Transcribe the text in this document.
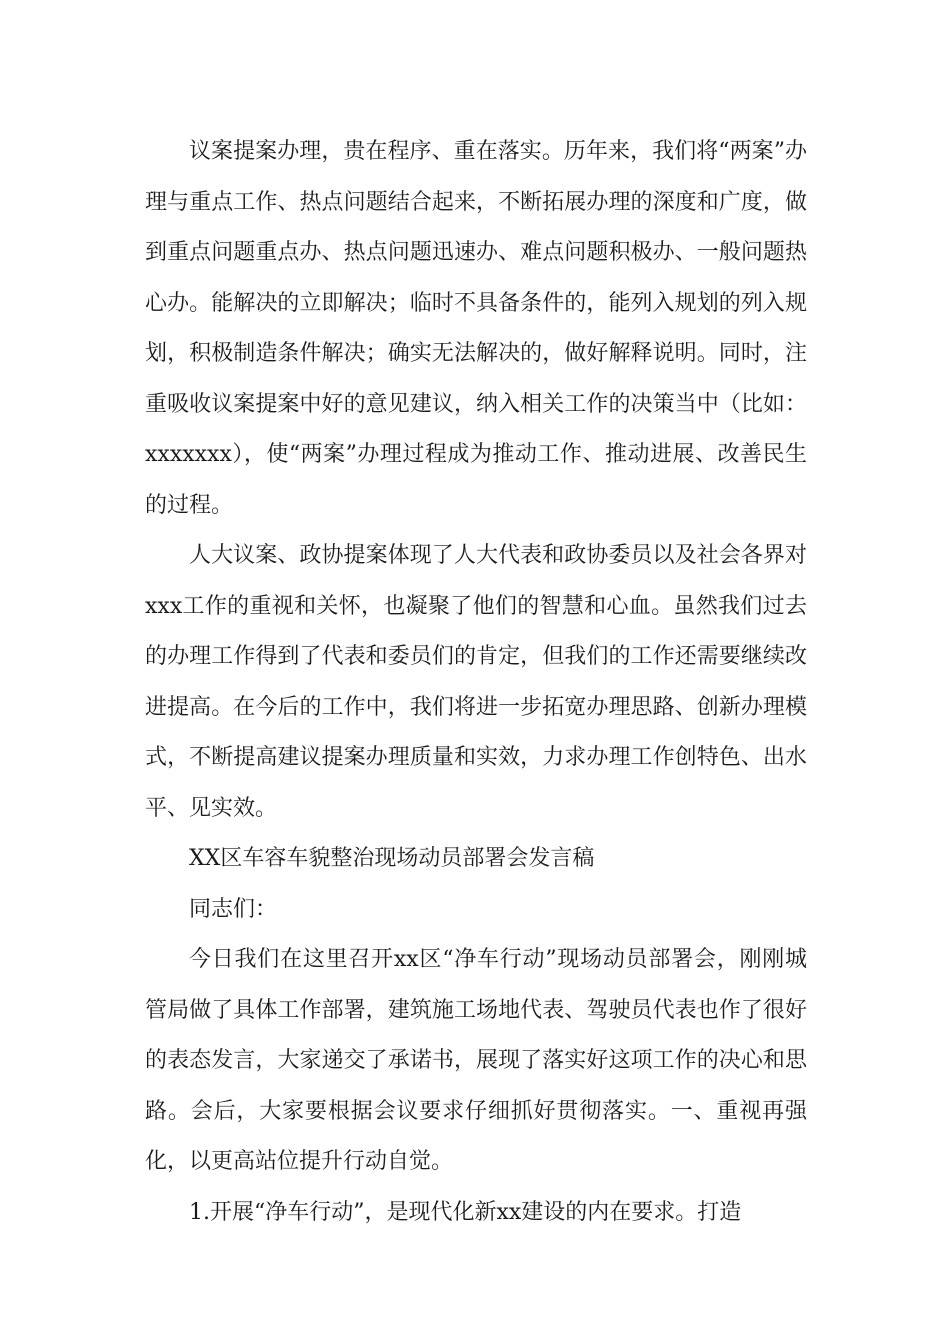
议案提案办理，贵在程序、重在落实。历年来，我们将“两案”办理与重点工作、热点问题结合起来，不断拓展办理的深度和广度，做到重点问题重点办、热点问题迅速办、难点问题积极办、一般问题热心办。能解决的立即解决；临时不具备条件的，能列入规划的列入规划，积极制造条件解决；确实无法解决的，做好解释说明。同时，注重吸收议案提案中好的意见建议，纳入相关工作的决策当中（比如：xxxxxxx），使“两案”办理过程成为推动工作、推动进展、改善民生的过程。

人大议案、政协提案体现了人大代表和政协委员以及社会各界对xxx工作的重视和关怀，也凝聚了他们的智慧和心血。虽然我们过去的办理工作得到了代表和委员们的肯定，但我们的工作还需要继续改进提高。在今后的工作中，我们将进一步拓宽办理思路、创新办理模式，不断提高建议提案办理质量和实效，力求办理工作创特色、出水平、见实效。

XX区车容车貌整治现场动员部署会发言稿

同志们：

今日我们在这里召开xx区“净车行动”现场动员部署会，刚刚城管局做了具体工作部署，建筑施工场地代表、驾驶员代表也作了很好的表态发言，大家递交了承诺书，展现了落实好这项工作的决心和思路。会后，大家要根据会议要求仔细抓好贯彻落实。一、重视再强化，以更高站位提升行动自觉。

1.开展“净车行动”，是现代化新xx建设的内在要求。打造
